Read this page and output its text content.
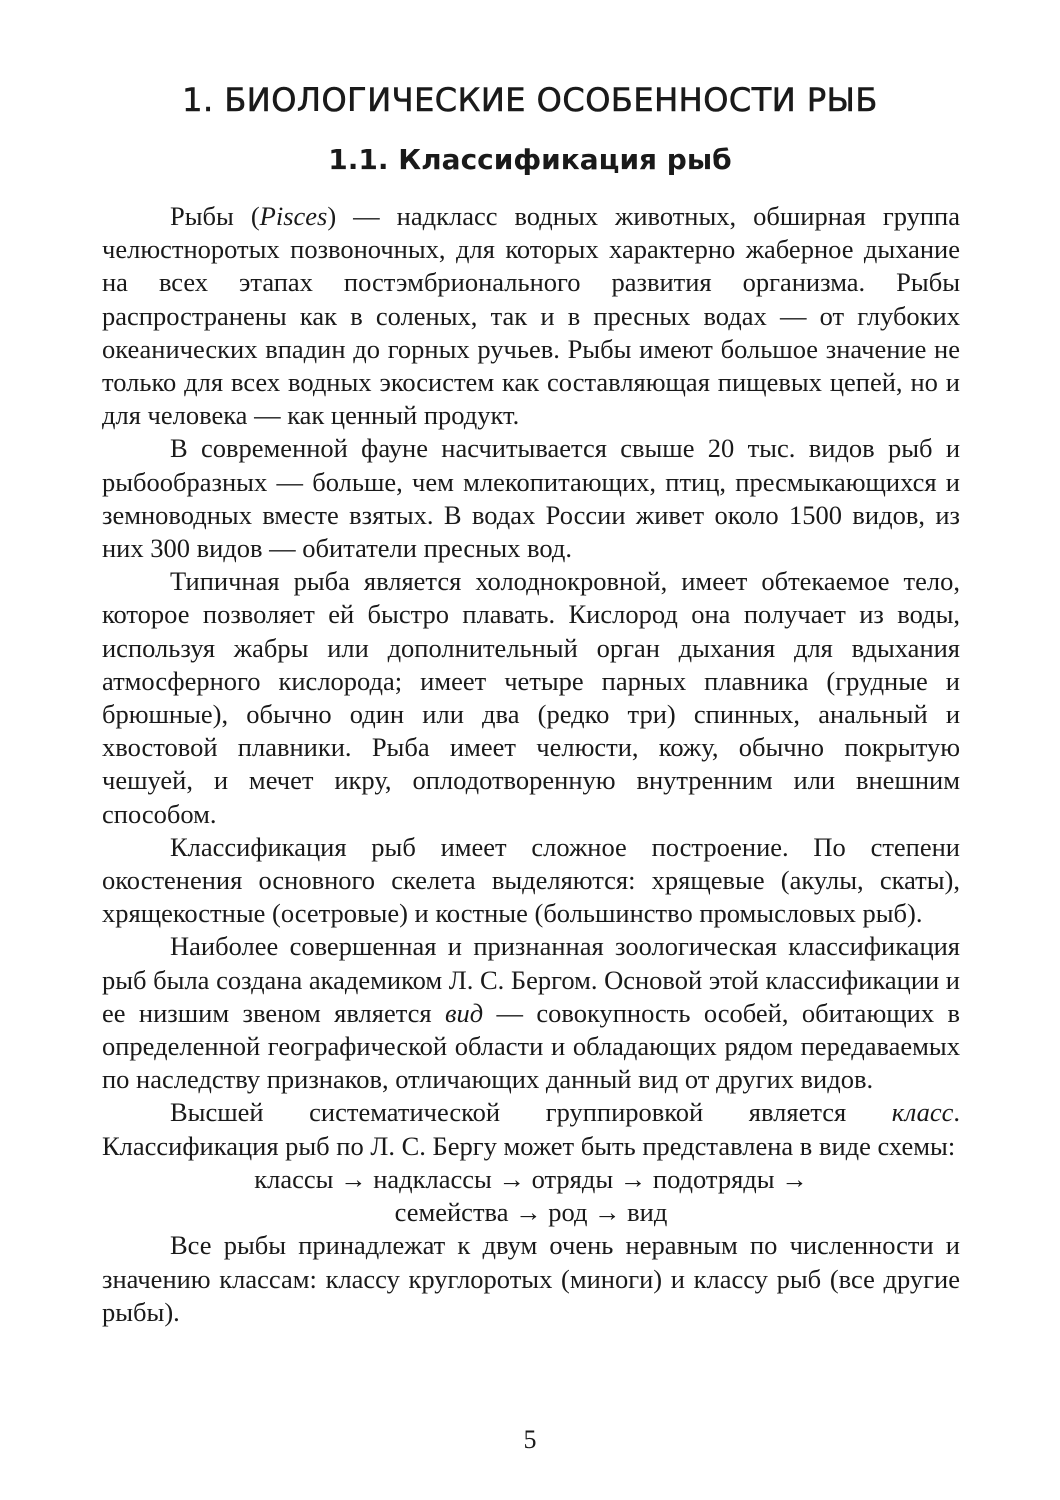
1. БИОЛОГИЧЕСКИЕ ОСОБЕННОСТИ РЫБ
1.1. Классификация рыб

Рыбы (Pisces) — надкласс водных животных, обширная группа челюстноротых позвоночных, для которых характерно жаберное дыхание на всех этапах постэмбрионального развития организма. Рыбы распространены как в соленых, так и в пресных водах — от глубоких океанических впадин до горных ручьев. Рыбы имеют большое значение не только для всех водных экосистем как составляющая пищевых цепей, но и для человека — как ценный продукт.

В современной фауне насчитывается свыше 20 тыс. видов рыб и рыбообразных — больше, чем млекопитающих, птиц, пресмыкающихся и земноводных вместе взятых. В водах России живет около 1500 видов, из них 300 видов — обитатели пресных вод.

Типичная рыба является холоднокровной, имеет обтекаемое тело, которое позволяет ей быстро плавать. Кислород она получает из воды, используя жабры или дополнительный орган дыхания для вдыхания атмосферного кислорода; имеет четыре парных плавника (грудные и брюшные), обычно один или два (редко три) спинных, анальный и хвостовой плавники. Рыба имеет челюсти, кожу, обычно покрытую чешуей, и мечет икру, оплодотворенную внутренним или внешним способом.

Классификация рыб имеет сложное построение. По степени окостенения основного скелета выделяются: хрящевые (акулы, скаты), хрящекостные (осетровые) и костные (большинство промысловых рыб).

Наиболее совершенная и признанная зоологическая классификация рыб была создана академиком Л. С. Бергом. Основой этой классификации и ее низшим звеном является вид — совокупность особей, обитающих в определенной географической области и обладающих рядом передаваемых по наследству признаков, отличающих данный вид от других видов.

Высшей систематической группировкой является класс. Классификация рыб по Л. С. Бергу может быть представлена в виде схемы:

классы → надклассы → отряды → подотряды →
семейства → род → вид

Все рыбы принадлежат к двум очень неравным по численности и значению классам: классу круглоротых (миноги) и классу рыб (все другие рыбы).

5
